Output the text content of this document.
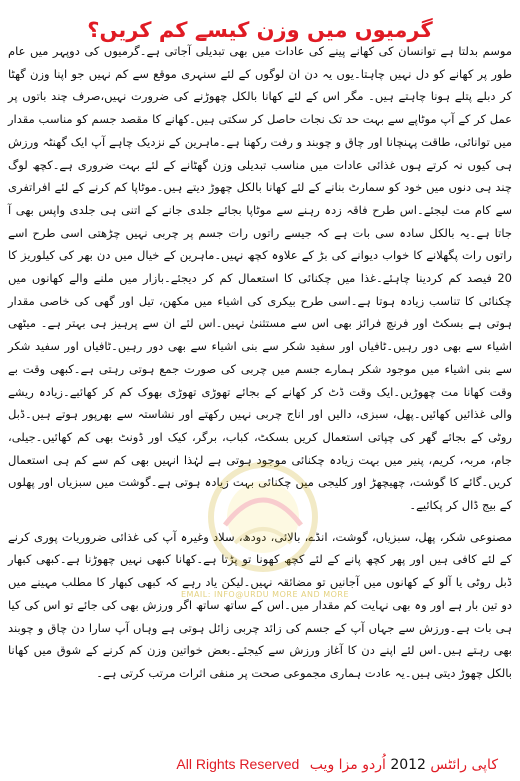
گرمیوں میں وزن کیسے کم کریں؟

موسم بدلتا ہے توانسان کی کھانے پینے کی عادات میں بھی تبدیلی آجاتی ہے۔گرمیوں کی دوپہر میں عام طور پر کھانے کو دل نہیں چاہتا۔یوں یہ دن ان لوگوں کے لئے سنہری موقع سے کم نہیں جو اپنا وزن گھٹا کر دبلے پتلے ہونا چاہتے ہیں۔ مگر اس کے لئے کھانا بالکل چھوڑنے کی ضرورت نہیں،صرف چند باتوں پر عمل کر کے آپ موٹاپے سے بہت حد تک نجات حاصل کر سکتی ہیں۔کھانے کا مقصد جسم کو مناسب مقدار میں توانائی، طاقت پہنچانا اور چاق و چوبند و رفت رکھنا ہے۔ماہرین کے نزدیک چاہے آپ ایک گھنٹہ ورزش ہی کیوں نہ کرتے ہوں غذائی عادات میں مناسب تبدیلی وزن گھٹانے کے لئے بہت ضروری ہے۔کچھ لوگ چند ہی دنوں میں خود کو سمارٹ بنانے کے لئے کھانا بالکل چھوڑ دیتے ہیں۔موٹاپا کم کرنے کے لئے افراتفری سے کام مت لیجئے۔اس طرح فاقہ زدہ رہنے سے موٹاپا بجائے جلدی جانے کے اتنی ہی جلدی واپس بھی آ جاتا ہے۔یہ بالکل سادہ سی بات ہے کہ جیسے راتوں رات جسم پر چربی نہیں چڑھتی اسی طرح اسے راتوں رات پگھلانے کا خواب دیوانے کی بڑ کے علاوہ کچھ نہیں۔ماہرین کے خیال میں دن بھر کی کیلوریز کا 20 فیصد کم کردینا چاہئے۔غذا میں چکنائی کا استعمال کم کر دیجئے۔بازار میں ملنے والے کھانوں میں چکنائی کا تناسب زیادہ ہوتا ہے۔اسی طرح بیکری کی اشیاء میں مکھن، تیل اور گھی کی خاصی مقدار ہوتی ہے بسکٹ اور فرنچ فرائز بھی اس سے مستثنیٰ نہیں۔اس لئے ان سے پرہیز ہی بہتر ہے۔ میٹھی اشیاء سے بھی دور رہیں۔ٹافیاں اور سفید شکر سے بنی اشیاء سے بھی دور رہیں۔ٹافیاں اور سفید شکر سے بنی اشیاء میں موجود شکر ہمارے جسم میں چربی کی صورت جمع ہوتی رہتی ہے۔کبھی وقت بے وقت کھانا مت چھوڑیں۔ایک وقت ڈٹ کر کھانے کے بجائے تھوڑی تھوڑی بھوک کم کر کھائیے۔زیادہ ریشے والی غذائیں کھائیں۔پھل، سبزی، دالیں اور اناج چربی نہیں رکھتے اور نشاستہ سے بھرپور ہوتے ہیں۔ڈبل روٹی کے بجائے گھر کی چپاتی استعمال کریں بسکٹ، کباب، برگر، کیک اور ڈونٹ بھی کم کھائیں۔جیلی، جام، مربہ، کریم، پنیر میں بہت زیادہ چکنائی موجود ہوتی ہے لہٰذا انہیں بھی کم سے کم ہی استعمال کریں۔گائے کا گوشت، چھیچھڑ اور کلیجی میں چکنائی بہت زیادہ ہوتی ہے۔گوشت میں سبزیاں اور پھلوں کے بیج ڈال کر پکائیے۔

مصنوعی شکر، پھل، سبزیاں، گوشت، انڈے، بالائی، دودھ، سلاد وغیرہ آپ کی غذائی ضروریات پوری کرنے کے لئے کافی ہیں اور پھر کچھ پانے کے لئے کچھ کھونا تو پڑتا ہے۔کھانا کبھی نہیں چھوڑنا ہے۔کبھی کبھار ڈبل روٹی یا آلو کے کھانوں میں آجانیں تو مضائقہ نہیں۔لیکن یاد رہے کہ کبھی کبھار کا مطلب مہینے میں دو تین بار ہے اور وہ بھی نہایت کم مقدار میں۔اس کے ساتھ ساتھ اگر ورزش بھی کی جائے تو اس کی کیا ہی بات ہے۔ورزش سے جہاں آپ کے جسم کی زائد چربی زائل ہوتی ہے وہاں آپ سارا دن چاق و چوبند بھی رہتے ہیں۔اس لئے اپنے دن کا آغاز ورزش سے کیجئے۔بعض خواتین وزن کم کرنے کے شوق میں کھانا بالکل چھوڑ دیتی ہیں۔یہ عادت ہماری مجموعی صحت پر منفی اثرات مرتب کرتی ہے۔

EMAIL: INFO@URDU MORE AND MORE
کاپی رائٹس 2012 اُردو مزا ویب All Rights Reserved
